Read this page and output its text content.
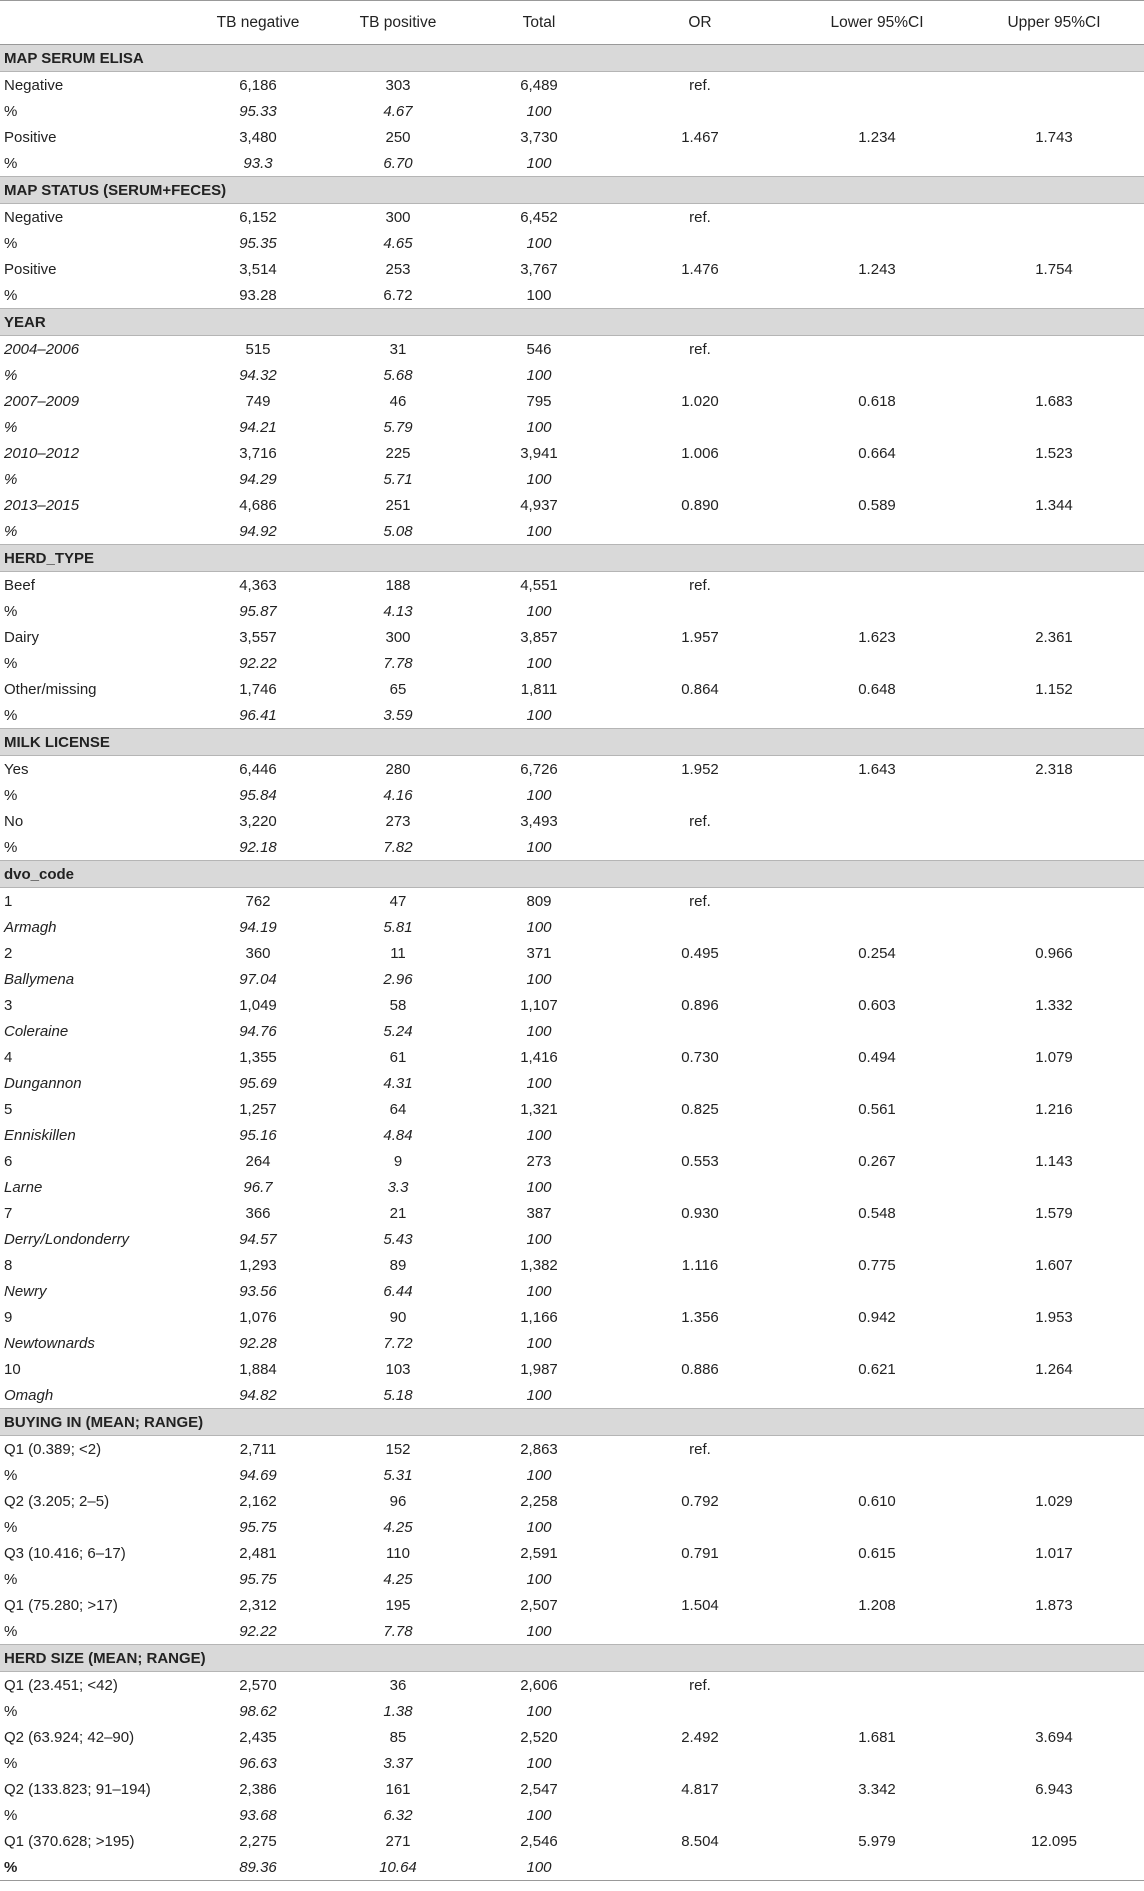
	TB negative	TB positive	Total	OR	Lower 95%CI	Upper 95%CI
MAP SERUM ELISA						
Negative	6,186	303	6,489	ref.		
%	95.33	4.67	100			
Positive	3,480	250	3,730	1.467	1.234	1.743
%	93.3	6.70	100			
MAP STATUS (SERUM+FECES)						
Negative	6,152	300	6,452	ref.		
%	95.35	4.65	100			
Positive	3,514	253	3,767	1.476	1.243	1.754
%	93.28	6.72	100			
YEAR						
2004–2006	515	31	546	ref.		
%	94.32	5.68	100			
2007–2009	749	46	795	1.020	0.618	1.683
%	94.21	5.79	100			
2010–2012	3,716	225	3,941	1.006	0.664	1.523
%	94.29	5.71	100			
2013–2015	4,686	251	4,937	0.890	0.589	1.344
%	94.92	5.08	100			
HERD_TYPE						
Beef	4,363	188	4,551	ref.		
%	95.87	4.13	100			
Dairy	3,557	300	3,857	1.957	1.623	2.361
%	92.22	7.78	100			
Other/missing	1,746	65	1,811	0.864	0.648	1.152
%	96.41	3.59	100			
MILK LICENSE						
Yes	6,446	280	6,726	1.952	1.643	2.318
%	95.84	4.16	100			
No	3,220	273	3,493	ref.		
%	92.18	7.82	100			
dvo_code						
1	762	47	809	ref.		
Armagh	94.19	5.81	100			
2	360	11	371	0.495	0.254	0.966
Ballymena	97.04	2.96	100			
3	1,049	58	1,107	0.896	0.603	1.332
Coleraine	94.76	5.24	100			
4	1,355	61	1,416	0.730	0.494	1.079
Dungannon	95.69	4.31	100			
5	1,257	64	1,321	0.825	0.561	1.216
Enniskillen	95.16	4.84	100			
6	264	9	273	0.553	0.267	1.143
Larne	96.7	3.3	100			
7	366	21	387	0.930	0.548	1.579
Derry/Londonderry	94.57	5.43	100			
8	1,293	89	1,382	1.116	0.775	1.607
Newry	93.56	6.44	100			
9	1,076	90	1,166	1.356	0.942	1.953
Newtownards	92.28	7.72	100			
10	1,884	103	1,987	0.886	0.621	1.264
Omagh	94.82	5.18	100			
BUYING IN (MEAN; RANGE)						
Q1 (0.389; <2)	2,711	152	2,863	ref.		
%	94.69	5.31	100			
Q2 (3.205; 2–5)	2,162	96	2,258	0.792	0.610	1.029
%	95.75	4.25	100			
Q3 (10.416; 6–17)	2,481	110	2,591	0.791	0.615	1.017
%	95.75	4.25	100			
Q1 (75.280; >17)	2,312	195	2,507	1.504	1.208	1.873
%	92.22	7.78	100			
HERD SIZE (MEAN; RANGE)						
Q1 (23.451; <42)	2,570	36	2,606	ref.		
%	98.62	1.38	100			
Q2 (63.924; 42–90)	2,435	85	2,520	2.492	1.681	3.694
%	96.63	3.37	100			
Q2 (133.823; 91–194)	2,386	161	2,547	4.817	3.342	6.943
%	93.68	6.32	100			
Q1 (370.628; >195)	2,275	271	2,546	8.504	5.979	12.095
%	89.36	10.64	100			
